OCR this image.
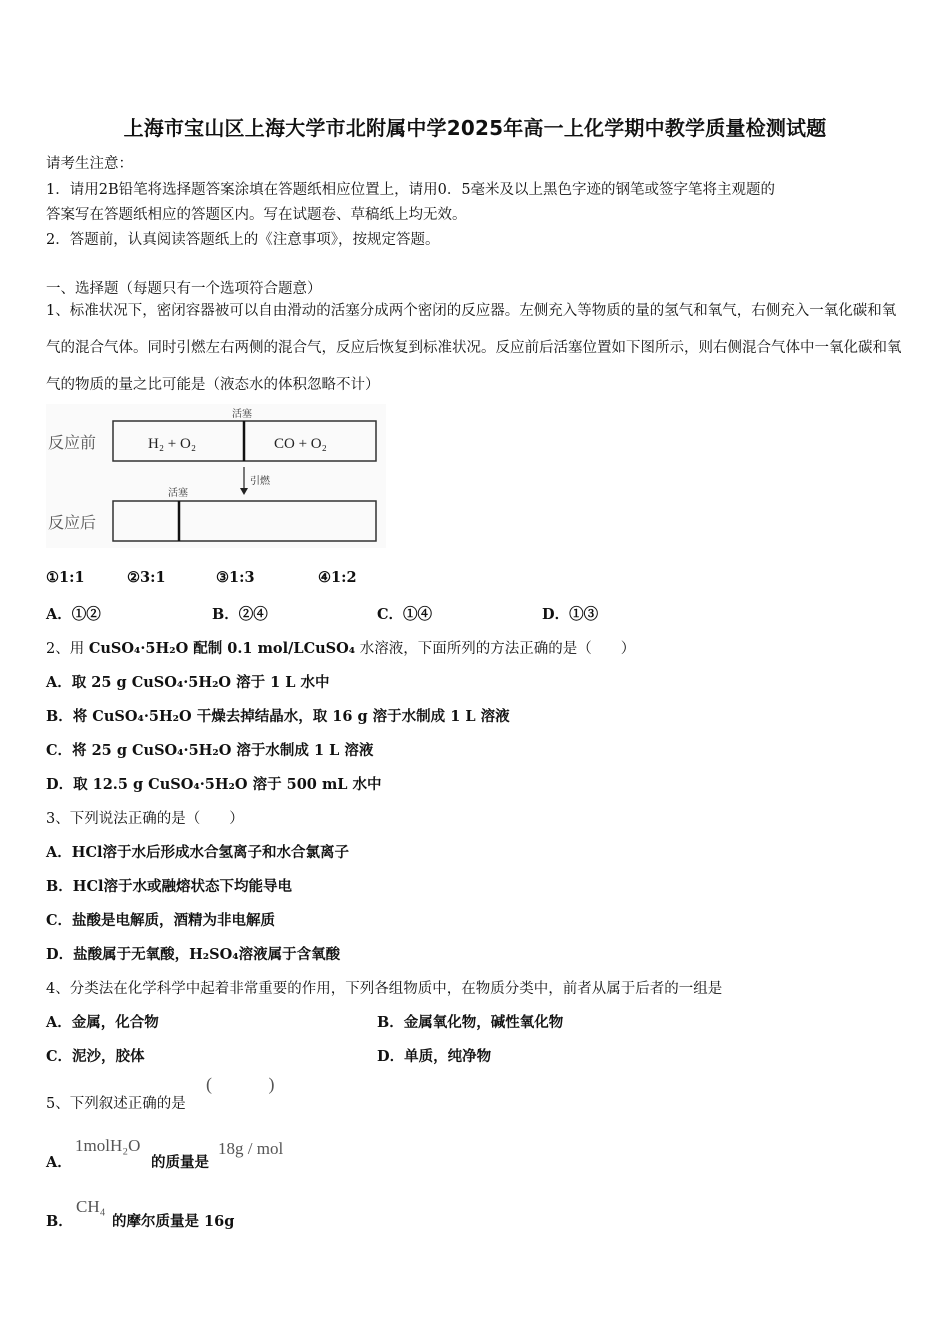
上海市宝山区上海大学市北附属中学2025年高一上化学期中教学质量检测试题
请考生注意：
1．请用2B铅笔将选择题答案涂填在答题纸相应位置上，请用0．5毫米及以上黑色字迹的钢笔或签字笔将主观题的
答案写在答题纸相应的答题区内。写在试题卷、草稿纸上均无效。
2．答题前，认真阅读答题纸上的《注意事项》，按规定答题。
一、选择题（每题只有一个选项符合题意）
1、标准状况下，密闭容器被可以自由滑动的活塞分成两个密闭的反应器。左侧充入等物质的量的氢气和氧气，右侧充入一氧化碳和氧气的混合气体。同时引燃左右两侧的混合气，反应后恢复到标准状况。反应前后活塞位置如下图所示，则右侧混合气体中一氧化碳和氧气的物质的量之比可能是（液态水的体积忽略不计）
反应前
活塞
H₂ + O₂	CO + O₂
引燃
活塞
反应后
①1:1	②3:1	③1:3	④1:2
A．①②	B．②④	C．①④	D．①③
2、用 CuSO₄·5H₂O 配制 0.1 mol/LCuSO₄ 水溶液，下面所列的方法正确的是（　　）
A．取 25 g CuSO₄·5H₂O 溶于 1 L 水中
B．将 CuSO₄·5H₂O 干燥去掉结晶水，取 16 g 溶于水制成 1 L 溶液
C．将 25 g CuSO₄·5H₂O 溶于水制成 1 L 溶液
D．取 12.5 g CuSO₄·5H₂O 溶于 500 mL 水中
3、下列说法正确的是（　　）
A．HCl溶于水后形成水合氢离子和水合氯离子
B．HCl溶于水或融熔状态下均能导电
C．盐酸是电解质，酒精为非电解质
D．盐酸属于无氧酸，H₂SO₄溶液属于含氧酸
4、分类法在化学科学中起着非常重要的作用，下列各组物质中，在物质分类中，前者从属于后者的一组是
A．金属，化合物	B．金属氧化物，碱性氧化物
C．泥沙，胶体	D．单质，纯净物
5、下列叙述正确的是
( )
A．
1molH₂O
的质量是
18g / mol
B．
CH₄
的摩尔质量是 16g
